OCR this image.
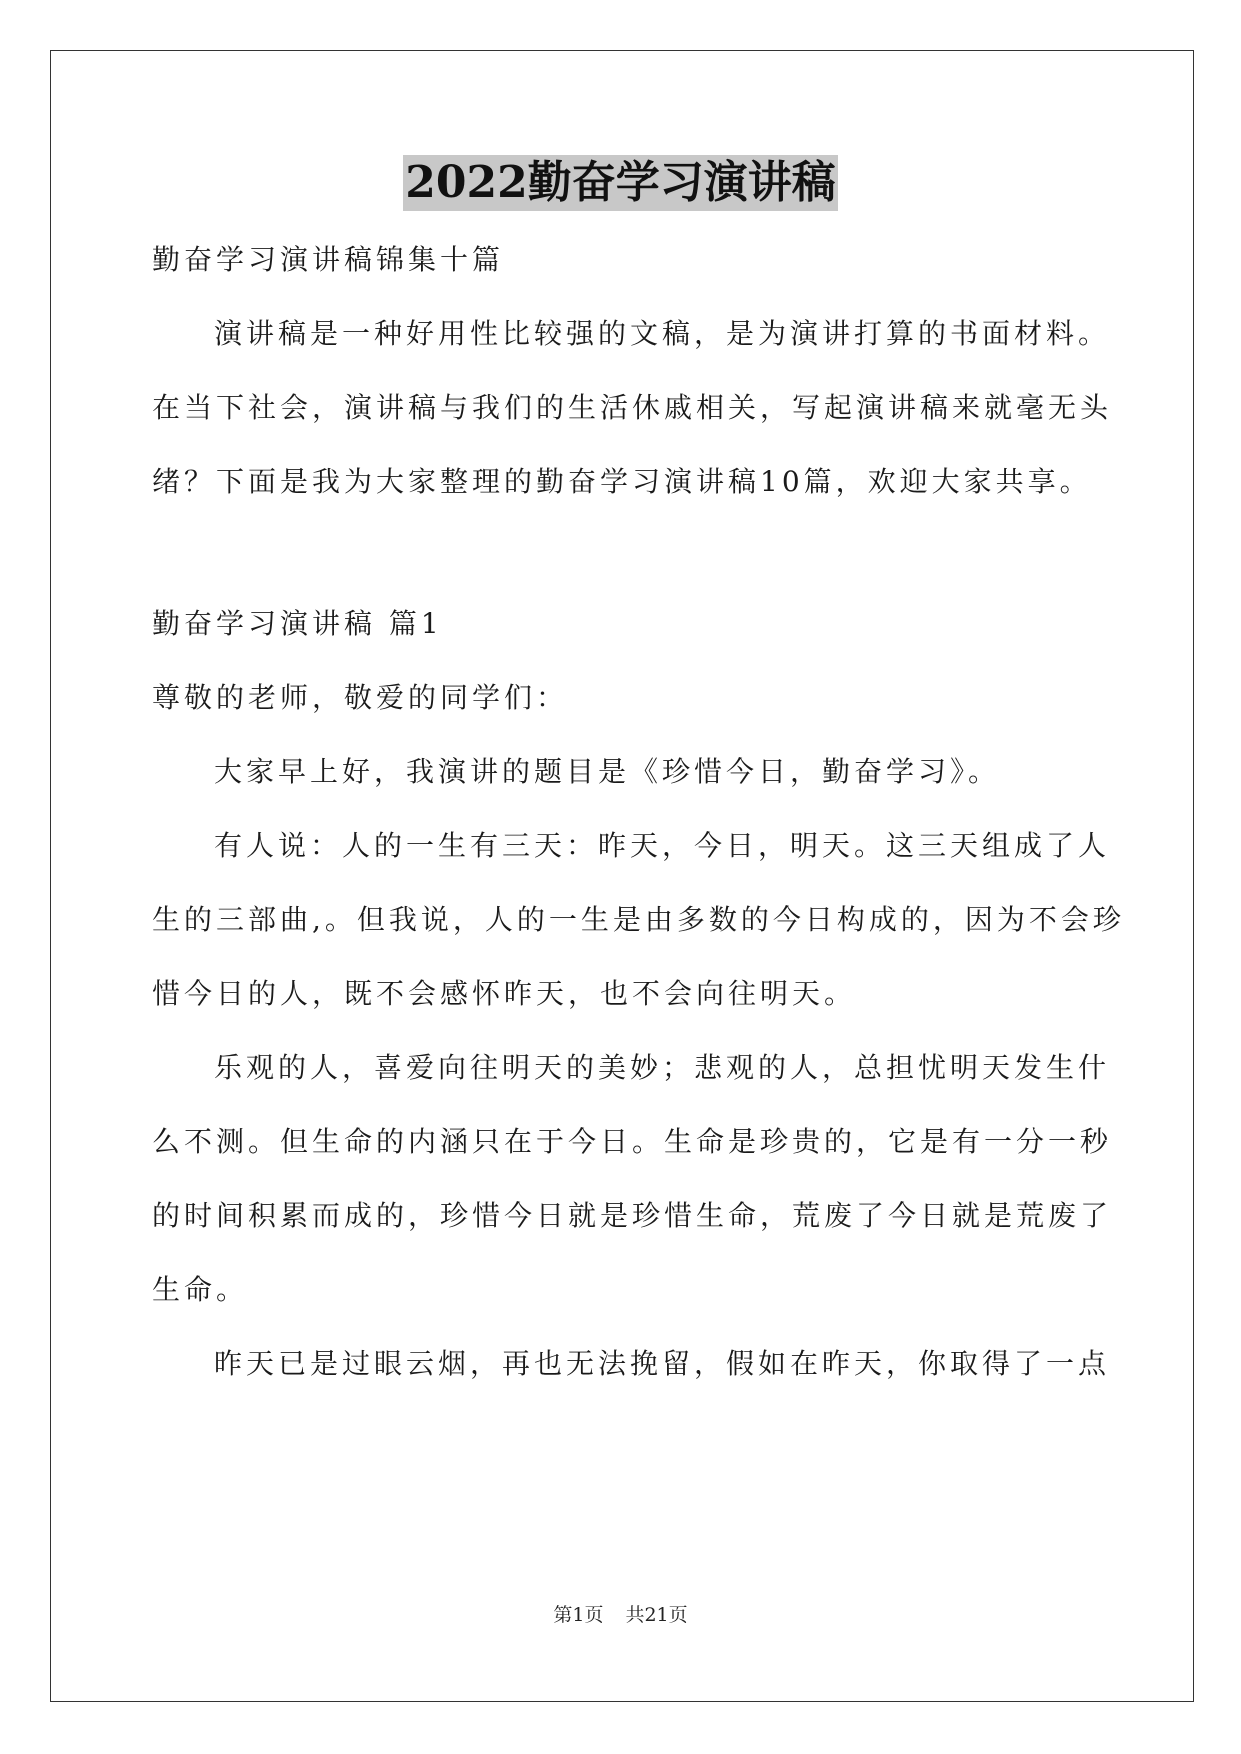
2022勤奋学习演讲稿

勤奋学习演讲稿锦集十篇

演讲稿是一种好用性比较强的文稿，是为演讲打算的书面材料。

在当下社会，演讲稿与我们的生活休戚相关，写起演讲稿来就毫无头

绪？下面是我为大家整理的勤奋学习演讲稿10篇，欢迎大家共享。

勤奋学习演讲稿 篇1

尊敬的老师，敬爱的同学们：

大家早上好，我演讲的题目是《珍惜今日，勤奋学习》。

有人说：人的一生有三天：昨天，今日，明天。这三天组成了人

生的三部曲,。但我说，人的一生是由多数的今日构成的，因为不会珍

惜今日的人，既不会感怀昨天，也不会向往明天。

乐观的人，喜爱向往明天的美妙；悲观的人，总担忧明天发生什

么不测。但生命的内涵只在于今日。生命是珍贵的，它是有一分一秒

的时间积累而成的，珍惜今日就是珍惜生命，荒废了今日就是荒废了

生命。

昨天已是过眼云烟，再也无法挽留，假如在昨天，你取得了一点

第1页 共21页
